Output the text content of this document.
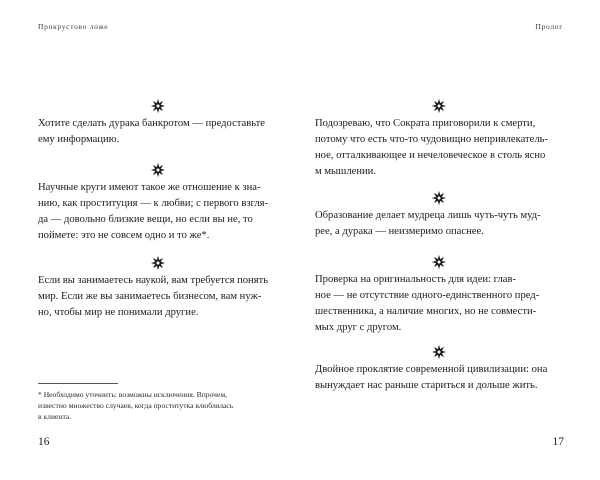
Прокрустово ложе
Хотите сделать дурака банкротом — предоставьте
ему информацию.
Научные круги имеют такое же отношение к зна-
нию, как проституция — к любви; с первого взгля-
да — довольно близкие вещи, но если вы не, то
поймете: это не совсем одно и то же*.
Если вы занимаетесь наукой, вам требуется понять
мир. Если же вы занимаетесь бизнесом, вам нуж-
но, чтобы мир не понимали другие.
* Необходимо уточнить: возможны исключения. Впрочем,
известно множество случаев, когда проститутка влюблялась
в клиента.
16
Пролог
Подозреваю, что Сократа приговорили к смерти,
потому что есть что-то чудовищно непривлекатель-
ное, отталкивающее и нечеловеческое в столь ясно
м мышлении.
Образование делает мудреца лишь чуть-чуть муд-
рее, а дурака — неизмеримо опаснее.
Проверка на оригинальность для идеи: глав-
ное — не отсутствие одного-единственного пред-
шественника, а наличие многих, но не совмести-
мых друг с другом.
Двойное проклятие современной цивилизации: она
вынуждает нас раньше стариться и дольше жить.
17
